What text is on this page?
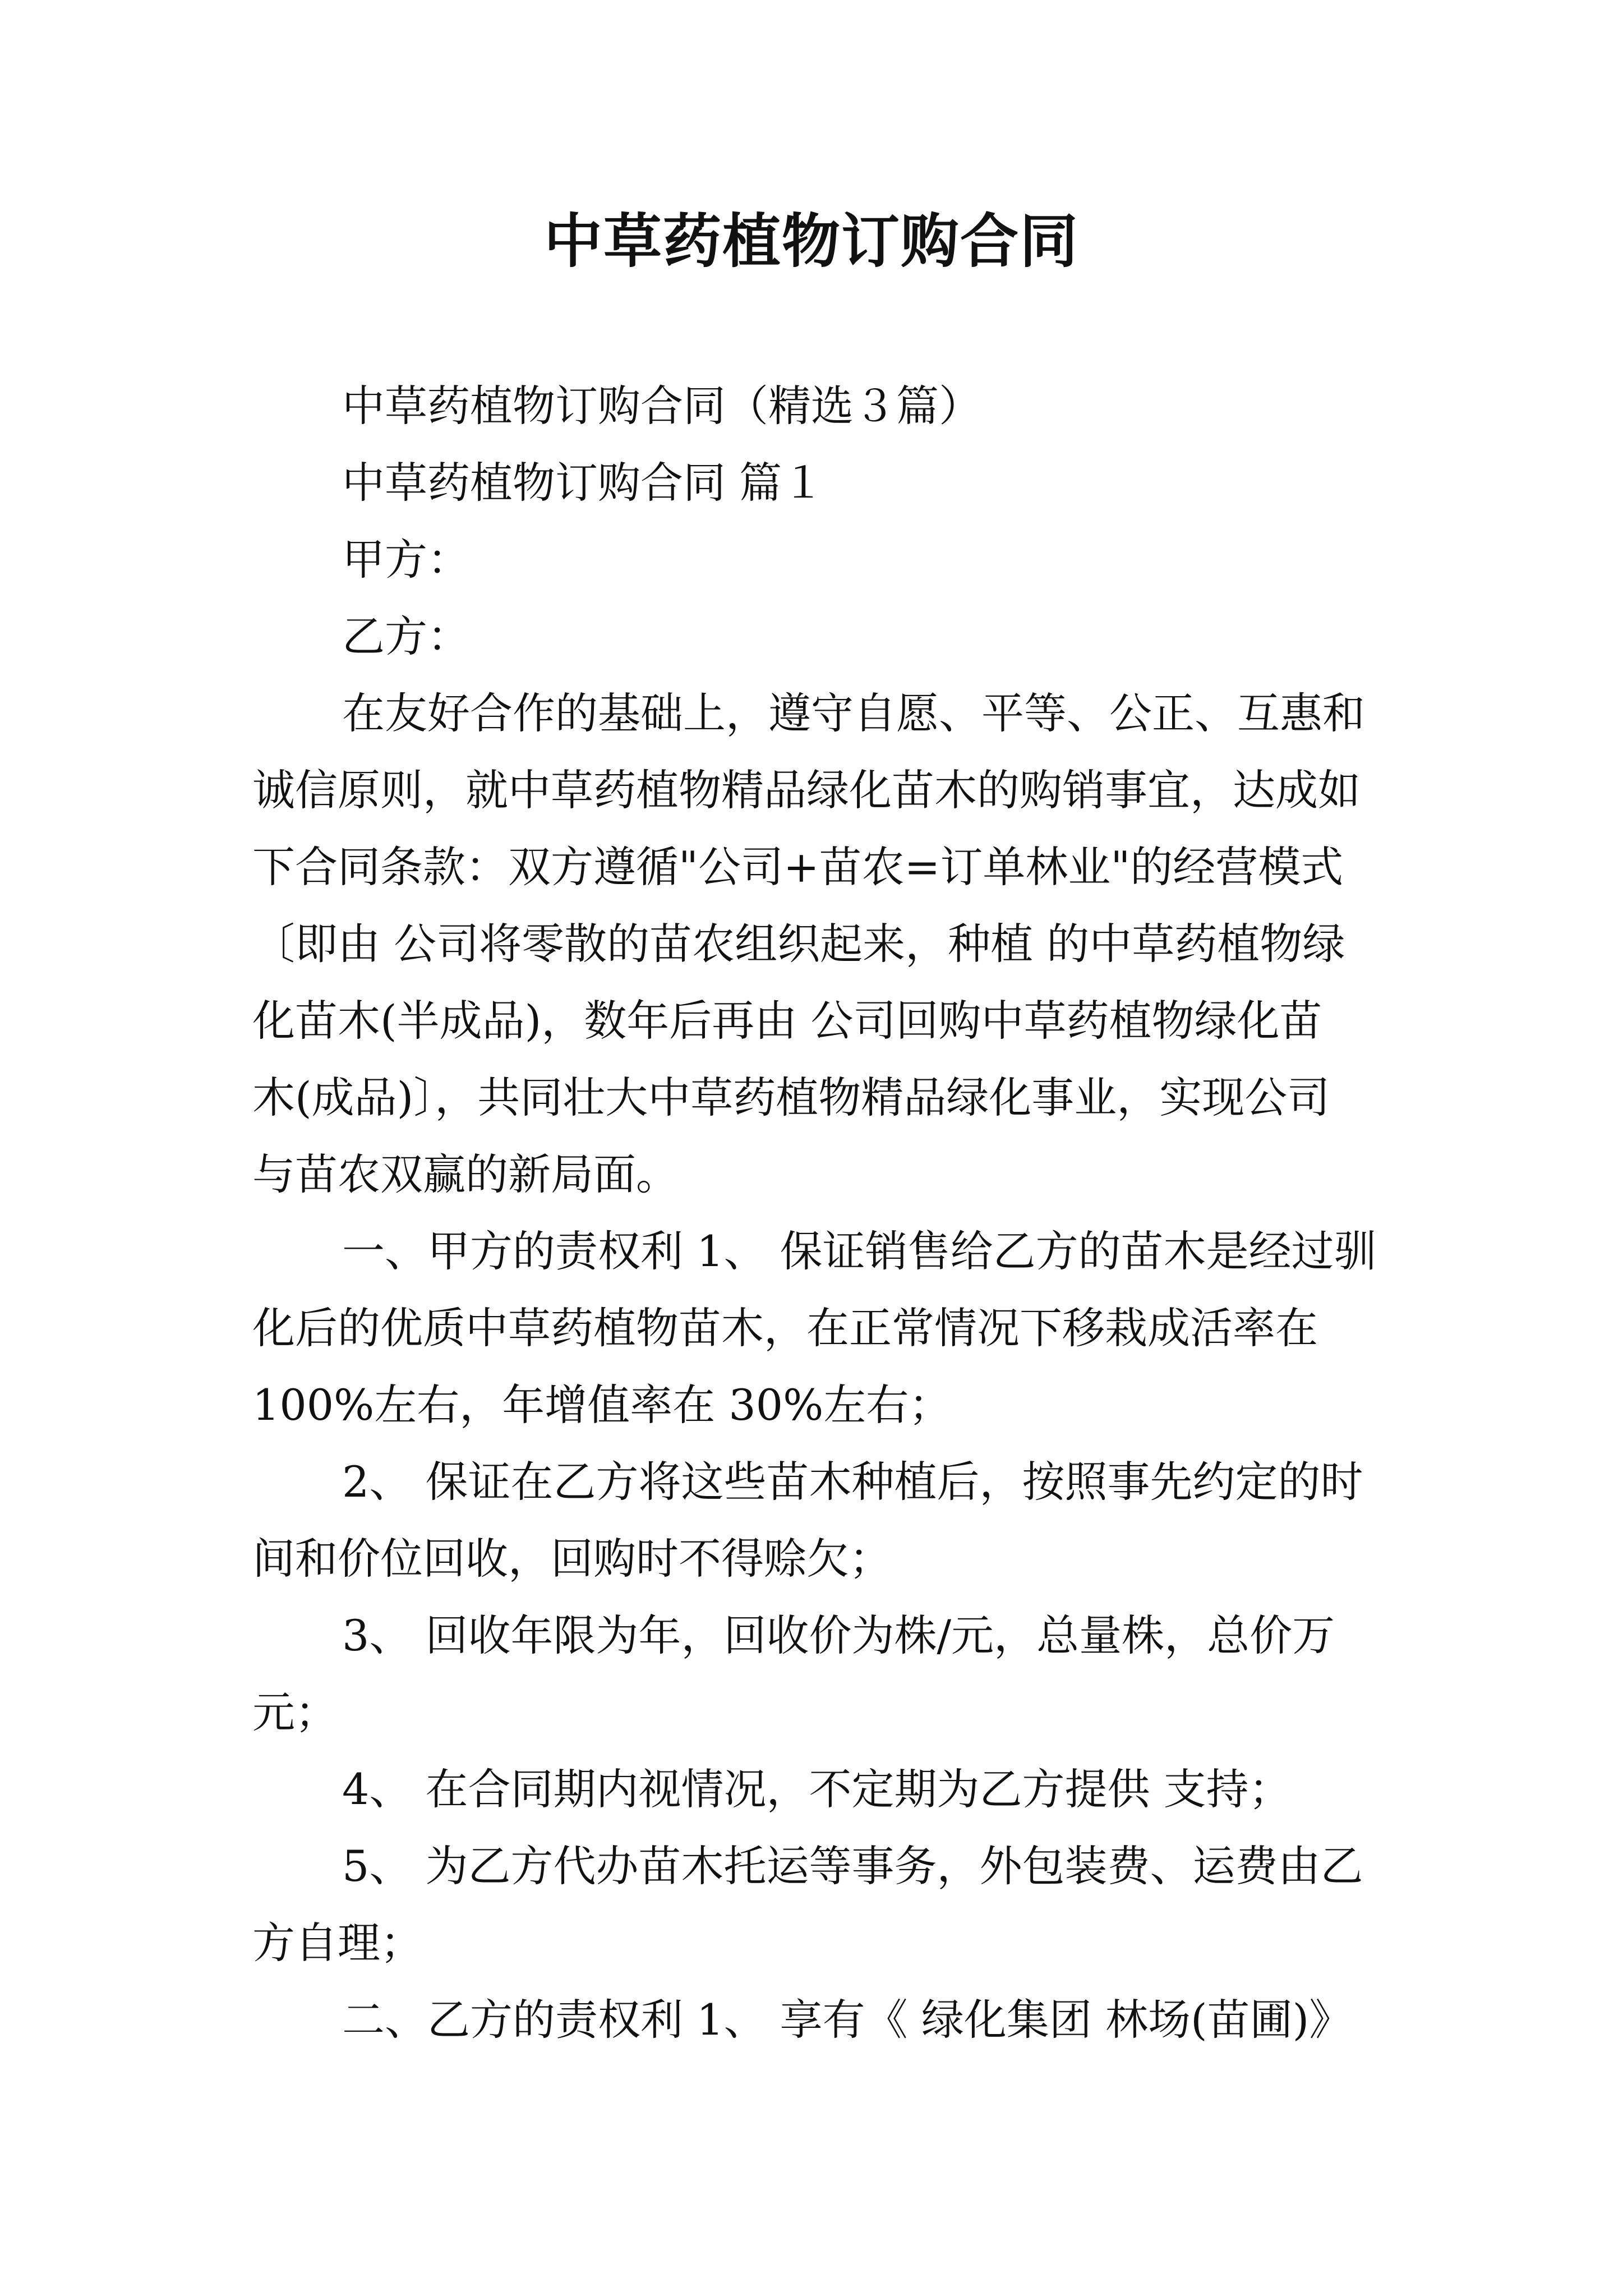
中草药植物订购合同

中草药植物订购合同（精选３篇）

中草药植物订购合同 篇１

甲方：

乙方：

在友好合作的基础上，遵守自愿、平等、公正、互惠和

诚信原则，就中草药植物精品绿化苗木的购销事宜，达成如

下合同条款：双方遵循"公司+苗农=订单林业"的经营模式

〔即由 公司将零散的苗农组织起来，种植 的中草药植物绿

化苗木(半成品)，数年后再由 公司回购中草药植物绿化苗

木(成品)〕，共同壮大中草药植物精品绿化事业，实现公司

与苗农双赢的新局面。

一、甲方的责权利 1、 保证销售给乙方的苗木是经过驯

化后的优质中草药植物苗木，在正常情况下移栽成活率在

100%左右，年增值率在 30%左右；

2、 保证在乙方将这些苗木种植后，按照事先约定的时

间和价位回收，回购时不得赊欠；

3、 回收年限为年，回收价为株/元，总量株，总价万

元；

4、 在合同期内视情况，不定期为乙方提供 支持；

5、 为乙方代办苗木托运等事务，外包装费、运费由乙

方自理；

二、乙方的责权利 1、 享有《 绿化集团 林场(苗圃)》
